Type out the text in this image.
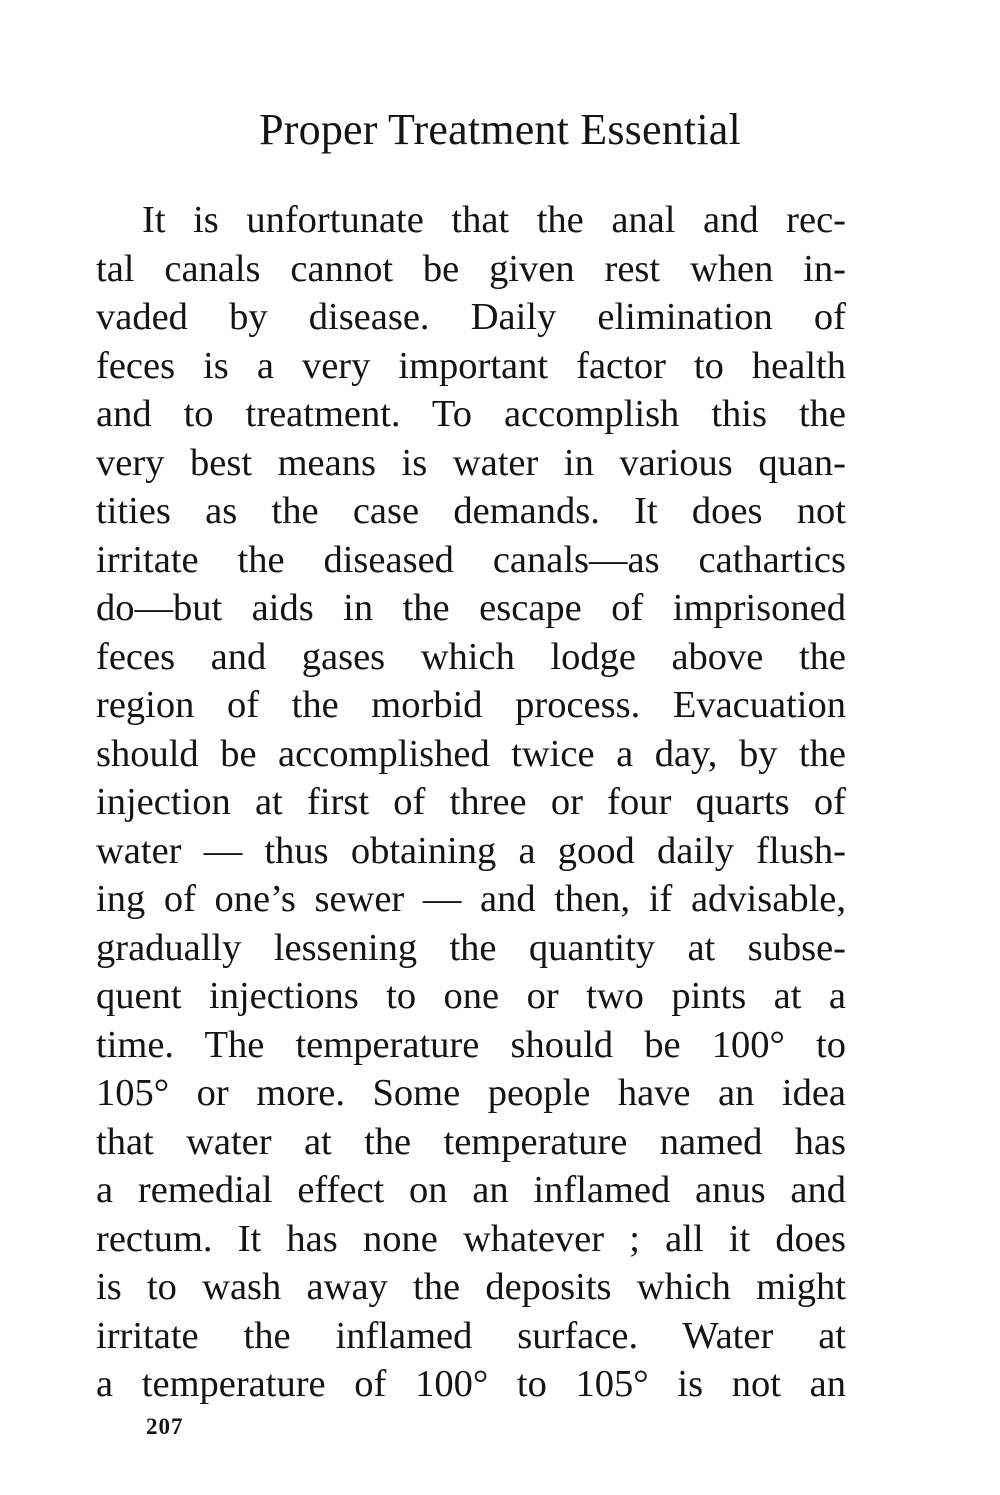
Proper Treatment Essential
It is unfortunate that the anal and rec-
tal canals cannot be given rest when in-
vaded by disease. Daily elimination of
feces is a very important factor to health
and to treatment. To accomplish this the
very best means is water in various quan-
tities as the case demands. It does not
irritate the diseased canals—as cathartics
do—but aids in the escape of imprisoned
feces and gases which lodge above the
region of the morbid process. Evacuation
should be accomplished twice a day, by the
injection at first of three or four quarts of
water — thus obtaining a good daily flush-
ing of one’s sewer — and then, if advisable,
gradually lessening the quantity at subse-
quent injections to one or two pints at a
time. The temperature should be 100° to
105° or more. Some people have an idea
that water at the temperature named has
a remedial effect on an inflamed anus and
rectum. It has none whatever ; all it does
is to wash away the deposits which might
irritate the inflamed surface. Water at
a temperature of 100° to 105° is not an
207
